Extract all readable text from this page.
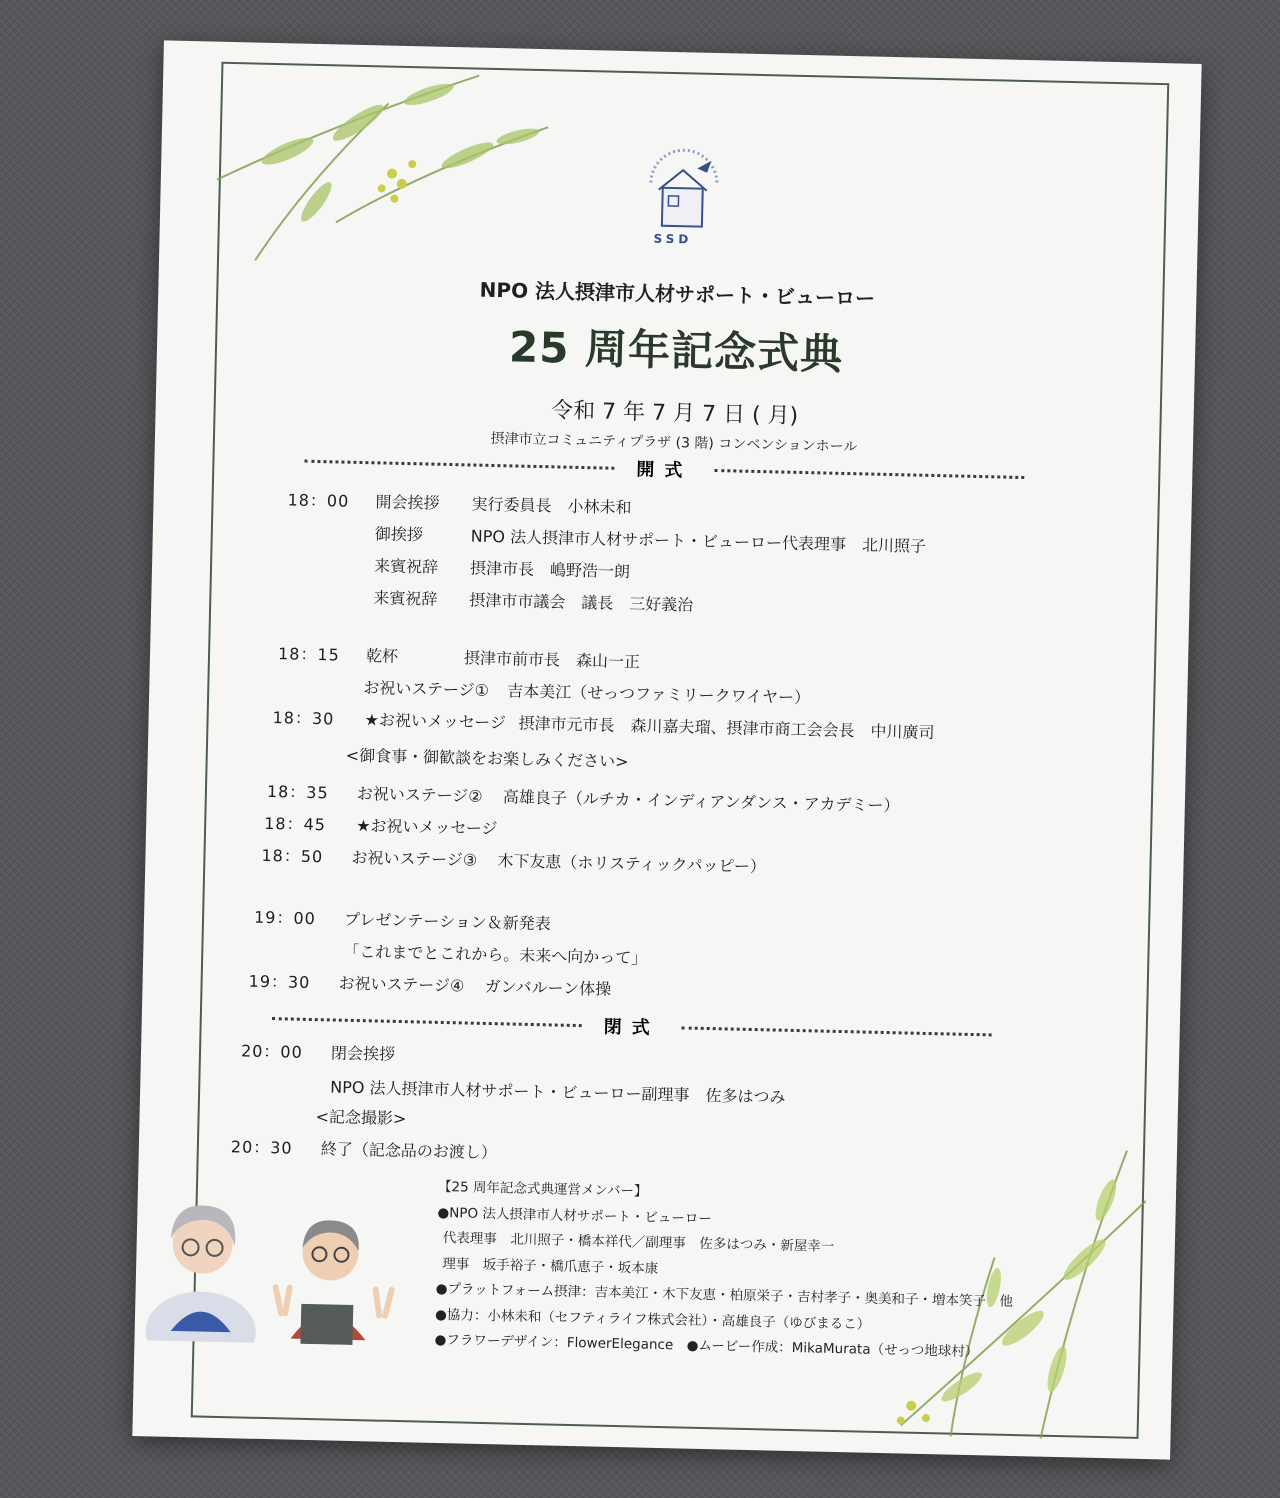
SSD
NPO 法人摂津市人材サポート・ビューロー
25 周年記念式典
令和 7 年 7 月 7 日 ( 月)
摂津市立コミュニティプラザ (3 階) コンベンションホール
開式
18：00 開会挨拶 実行委員長　小林未和
御挨拶	NPO 法人摂津市人材サポート・ビューロー代表理事　北川照子
来賓祝辞 摂津市長　嶋野浩一朗
来賓祝辞 摂津市市議会　議長　三好義治
18：15 乾杯	摂津市前市長　森山一正
お祝いステージ① 吉本美江（せっつファミリークワイヤー）
18：30 ★お祝いメッセージ 摂津市元市長　森川嘉夫瑠、摂津市商工会会長　中川廣司
<御食事・御歓談をお楽しみください>
18：35 お祝いステージ② 高雄良子（ルチカ・インディアンダンス・アカデミー）
18：45 ★お祝いメッセージ
18：50 お祝いステージ③ 木下友恵（ホリスティックパッピー）
19：00 プレゼンテーション＆新発表
「これまでとこれから。未来へ向かって」
19：30 お祝いステージ④ ガンバルーン体操
閉式
20：00 閉会挨拶
NPO 法人摂津市人材サポート・ビューロー副理事　佐多はつみ
<記念撮影>
20：30 終了（記念品のお渡し）
【25 周年記念式典運営メンバー】
●NPO 法人摂津市人材サポート・ビューロー
代表理事　北川照子・橋本祥代／副理事　佐多はつみ・新屋幸一
理事　坂手裕子・橋爪恵子・坂本康
●プラットフォーム摂津：吉本美江・木下友恵・柏原栄子・吉村孝子・奥美和子・増本笑子　他
●協力：小林未和（セフティライフ株式会社）・高雄良子（ゆびまるこ）
●フラワーデザイン：FlowerElegance　●ムービー作成：MikaMurata（せっつ地球村）
